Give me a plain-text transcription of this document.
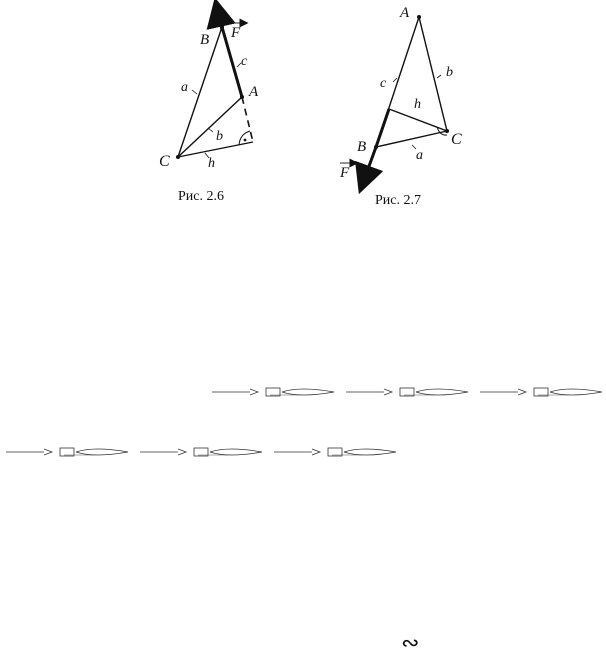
B F
c
a	A
b
C	h
Рис. 2.6
A
b
c
h
C
B
a
F
Рис. 2.7
∾
